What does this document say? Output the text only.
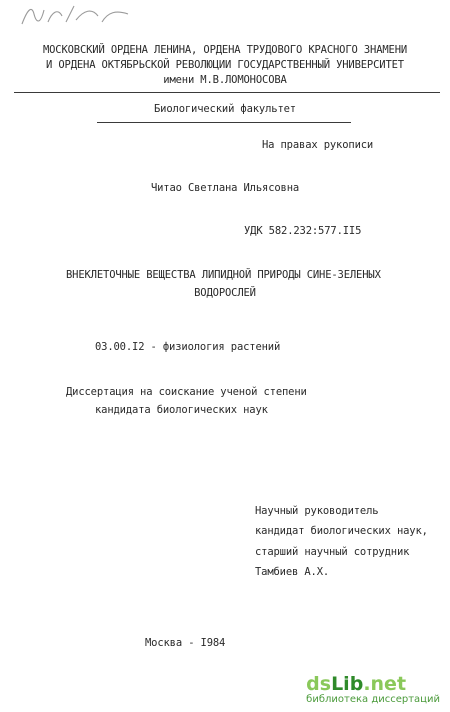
МОСКОВСКИЙ ОРДЕНА ЛЕНИНА, ОРДЕНА ТРУДОВОГО КРАСНОГО ЗНАМЕНИ
И ОРДЕНА ОКТЯБРЬСКОЙ РЕВОЛЮЦИИ ГОСУДАРСТВЕННЫЙ УНИВЕРСИТЕТ
имени М.В.ЛОМОНОСОВА
Биологический факультет
На правах рукописи
Читао Светлана Ильясовна
УДК 582.232:577.II5
ВНЕКЛЕТОЧНЫЕ ВЕЩЕСТВА ЛИПИДНОЙ ПРИРОДЫ СИНЕ-ЗЕЛЕНЫХ
ВОДОРОСЛЕЙ
03.00.I2 - физиология растений
Диссертация на соискание ученой степени
кандидата биологических наук
Научный руководитель
кандидат биологических наук,
старший научный сотрудник
Тамбиев А.Х.
Москва - I984
dsLib.net
библиотека диссертаций
